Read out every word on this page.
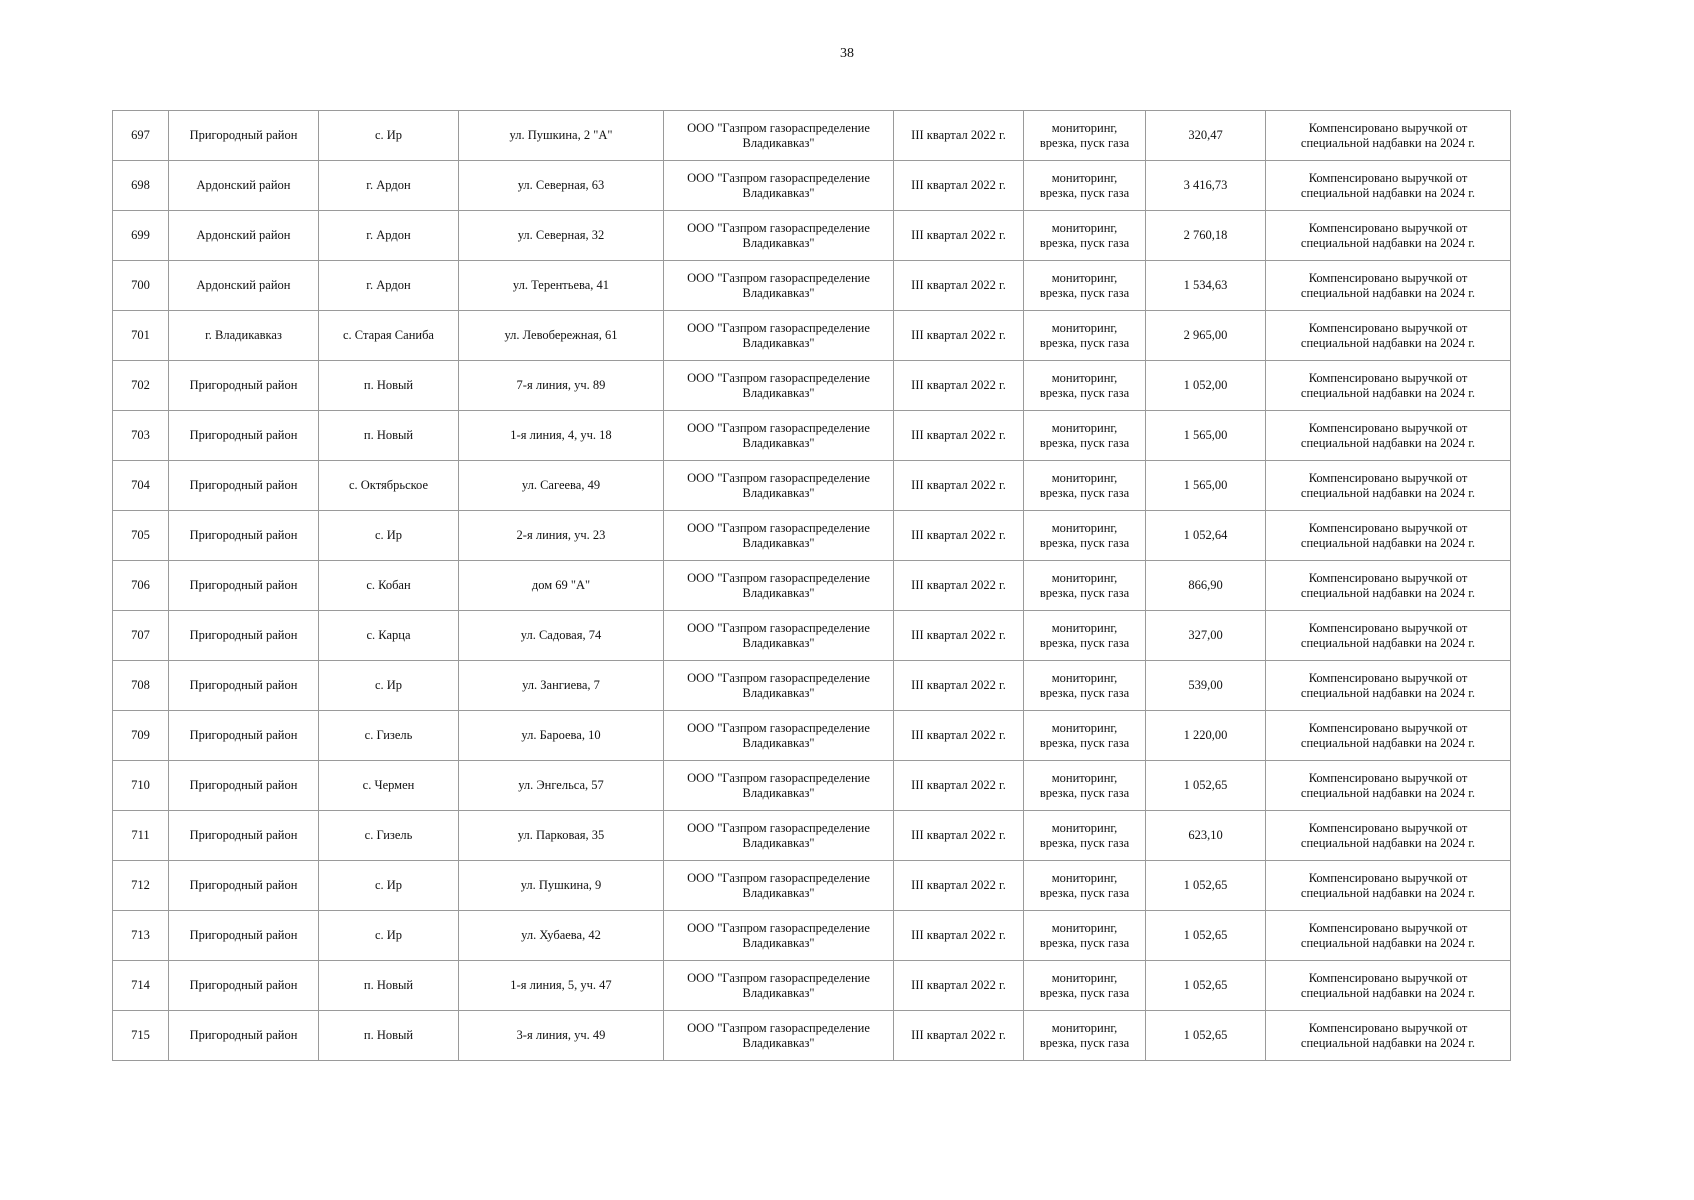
38
697	Пригородный район	с. Ир	ул. Пушкина, 2 "А"	ООО "Газпром газораспределение
Владикавказ"	III квартал 2022 г.	мониторинг,
врезка, пуск газа	320,47	Компенсировано выручкой от
специальной надбавки на 2024 г.

698	Ардонский район	г. Ардон	ул. Северная, 63	ООО "Газпром газораспределение
Владикавказ"	III квартал 2022 г.	мониторинг,
врезка, пуск газа	3 416,73	Компенсировано выручкой от
специальной надбавки на 2024 г.

699	Ардонский район	г. Ардон	ул. Северная, 32	ООО "Газпром газораспределение
Владикавказ"	III квартал 2022 г.	мониторинг,
врезка, пуск газа	2 760,18	Компенсировано выручкой от
специальной надбавки на 2024 г.

700	Ардонский район	г. Ардон	ул. Терентьева, 41	ООО "Газпром газораспределение
Владикавказ"	III квартал 2022 г.	мониторинг,
врезка, пуск газа	1 534,63	Компенсировано выручкой от
специальной надбавки на 2024 г.

701	г. Владикавказ	с. Старая Саниба	ул. Левобережная, 61	ООО "Газпром газораспределение
Владикавказ"	III квартал 2022 г.	мониторинг,
врезка, пуск газа	2 965,00	Компенсировано выручкой от
специальной надбавки на 2024 г.

702	Пригородный район	п. Новый	7-я линия, уч. 89	ООО "Газпром газораспределение
Владикавказ"	III квартал 2022 г.	мониторинг,
врезка, пуск газа	1 052,00	Компенсировано выручкой от
специальной надбавки на 2024 г.

703	Пригородный район	п. Новый	1-я линия, 4, уч. 18	ООО "Газпром газораспределение
Владикавказ"	III квартал 2022 г.	мониторинг,
врезка, пуск газа	1 565,00	Компенсировано выручкой от
специальной надбавки на 2024 г.

704	Пригородный район	с. Октябрьское	ул. Сагеева, 49	ООО "Газпром газораспределение
Владикавказ"	III квартал 2022 г.	мониторинг,
врезка, пуск газа	1 565,00	Компенсировано выручкой от
специальной надбавки на 2024 г.

705	Пригородный район	с. Ир	2-я линия, уч. 23	ООО "Газпром газораспределение
Владикавказ"	III квартал 2022 г.	мониторинг,
врезка, пуск газа	1 052,64	Компенсировано выручкой от
специальной надбавки на 2024 г.

706	Пригородный район	с. Кобан	дом 69 "А"	ООО "Газпром газораспределение
Владикавказ"	III квартал 2022 г.	мониторинг,
врезка, пуск газа	866,90	Компенсировано выручкой от
специальной надбавки на 2024 г.

707	Пригородный район	с. Карца	ул. Садовая, 74	ООО "Газпром газораспределение
Владикавказ"	III квартал 2022 г.	мониторинг,
врезка, пуск газа	327,00	Компенсировано выручкой от
специальной надбавки на 2024 г.

708	Пригородный район	с. Ир	ул. Зангиева, 7	ООО "Газпром газораспределение
Владикавказ"	III квартал 2022 г.	мониторинг,
врезка, пуск газа	539,00	Компенсировано выручкой от
специальной надбавки на 2024 г.

709	Пригородный район	с. Гизель	ул. Бароева, 10	ООО "Газпром газораспределение
Владикавказ"	III квартал 2022 г.	мониторинг,
врезка, пуск газа	1 220,00	Компенсировано выручкой от
специальной надбавки на 2024 г.

710	Пригородный район	с. Чермен	ул. Энгельса, 57	ООО "Газпром газораспределение
Владикавказ"	III квартал 2022 г.	мониторинг,
врезка, пуск газа	1 052,65	Компенсировано выручкой от
специальной надбавки на 2024 г.

711	Пригородный район	с. Гизель	ул. Парковая, 35	ООО "Газпром газораспределение
Владикавказ"	III квартал 2022 г.	мониторинг,
врезка, пуск газа	623,10	Компенсировано выручкой от
специальной надбавки на 2024 г.

712	Пригородный район	с. Ир	ул. Пушкина, 9	ООО "Газпром газораспределение
Владикавказ"	III квартал 2022 г.	мониторинг,
врезка, пуск газа	1 052,65	Компенсировано выручкой от
специальной надбавки на 2024 г.

713	Пригородный район	с. Ир	ул. Хубаева, 42	ООО "Газпром газораспределение
Владикавказ"	III квартал 2022 г.	мониторинг,
врезка, пуск газа	1 052,65	Компенсировано выручкой от
специальной надбавки на 2024 г.

714	Пригородный район	п. Новый	1-я линия, 5, уч. 47	ООО "Газпром газораспределение
Владикавказ"	III квартал 2022 г.	мониторинг,
врезка, пуск газа	1 052,65	Компенсировано выручкой от
специальной надбавки на 2024 г.

715	Пригородный район	п. Новый	3-я линия, уч. 49	ООО "Газпром газораспределение
Владикавказ"	III квартал 2022 г.	мониторинг,
врезка, пуск газа	1 052,65	Компенсировано выручкой от
специальной надбавки на 2024 г.
